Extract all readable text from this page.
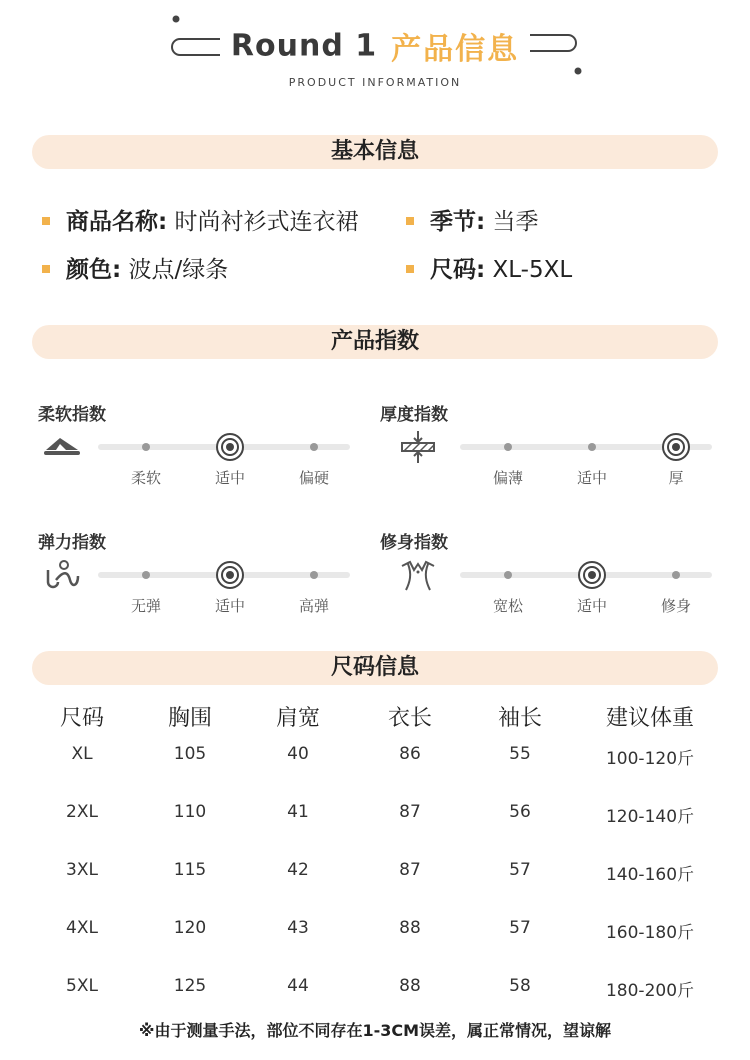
Round 1 产品信息
PRODUCT INFORMATION
基本信息
商品名称: 时尚衬衫式连衣裙	季节: 当季
颜色: 波点/绿条	尺码: XL-5XL
产品指数
柔软指数
柔软	适中	偏硬
厚度指数
偏薄	适中	厚
弹力指数
无弹	适中	高弹
修身指数
宽松	适中	修身
尺码信息
尺码	胸围	肩宽	衣长	袖长	建议体重
XL	105	40	86	55	100-120斤
2XL	110	41	87	56	120-140斤
3XL	115	42	87	57	140-160斤
4XL	120	43	88	57	160-180斤
5XL	125	44	88	58	180-200斤
※由于测量手法，部位不同存在1-3CM误差，属正常情况，望谅解
